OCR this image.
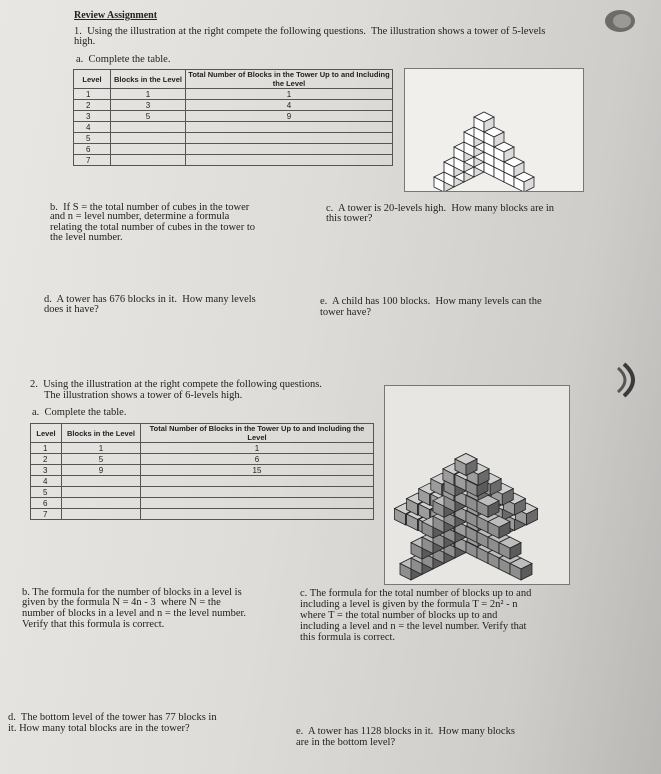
Review Assignment
1.  Using the illustration at the right compete the following questions.  The illustration shows a tower of 5-levels
high.
a.  Complete the table.
Level	Blocks in the Level	Total Number of Blocks in the Tower Up to and Including the Level
1	1	1
2	3	4
3	5	9
4		
5		
6		
7		
b.  If S = the total number of cubes in the tower
and n = level number, determine a formula
relating the total number of cubes in the tower to
the level number.
c.  A tower is 20-levels high.  How many blocks are in
this tower?
d.  A tower has 676 blocks in it.  How many levels
does it have?
e.  A child has 100 blocks.  How many levels can the
tower have?
2.  Using the illustration at the right compete the following questions.
The illustration shows a tower of 6-levels high.
a.  Complete the table.
Level	Blocks in the Level	Total Number of Blocks in the Tower Up to and Including the Level
1	1	1
2	5	6
3	9	15
4		
5		
6		
7		
b. The formula for the number of blocks in a level is
given by the formula N = 4n - 3  where N = the
number of blocks in a level and n = the level number.
Verify that this formula is correct.
c. The formula for the total number of blocks up to and
including a level is given by the formula T = 2n² - n
where T = the total number of blocks up to and
including a level and n = the level number. Verify that
this formula is correct.
d.  The bottom level of the tower has 77 blocks in
it. How many total blocks are in the tower?	e.  A tower has 1128 blocks in it.  How many blocks
are in the bottom level?
